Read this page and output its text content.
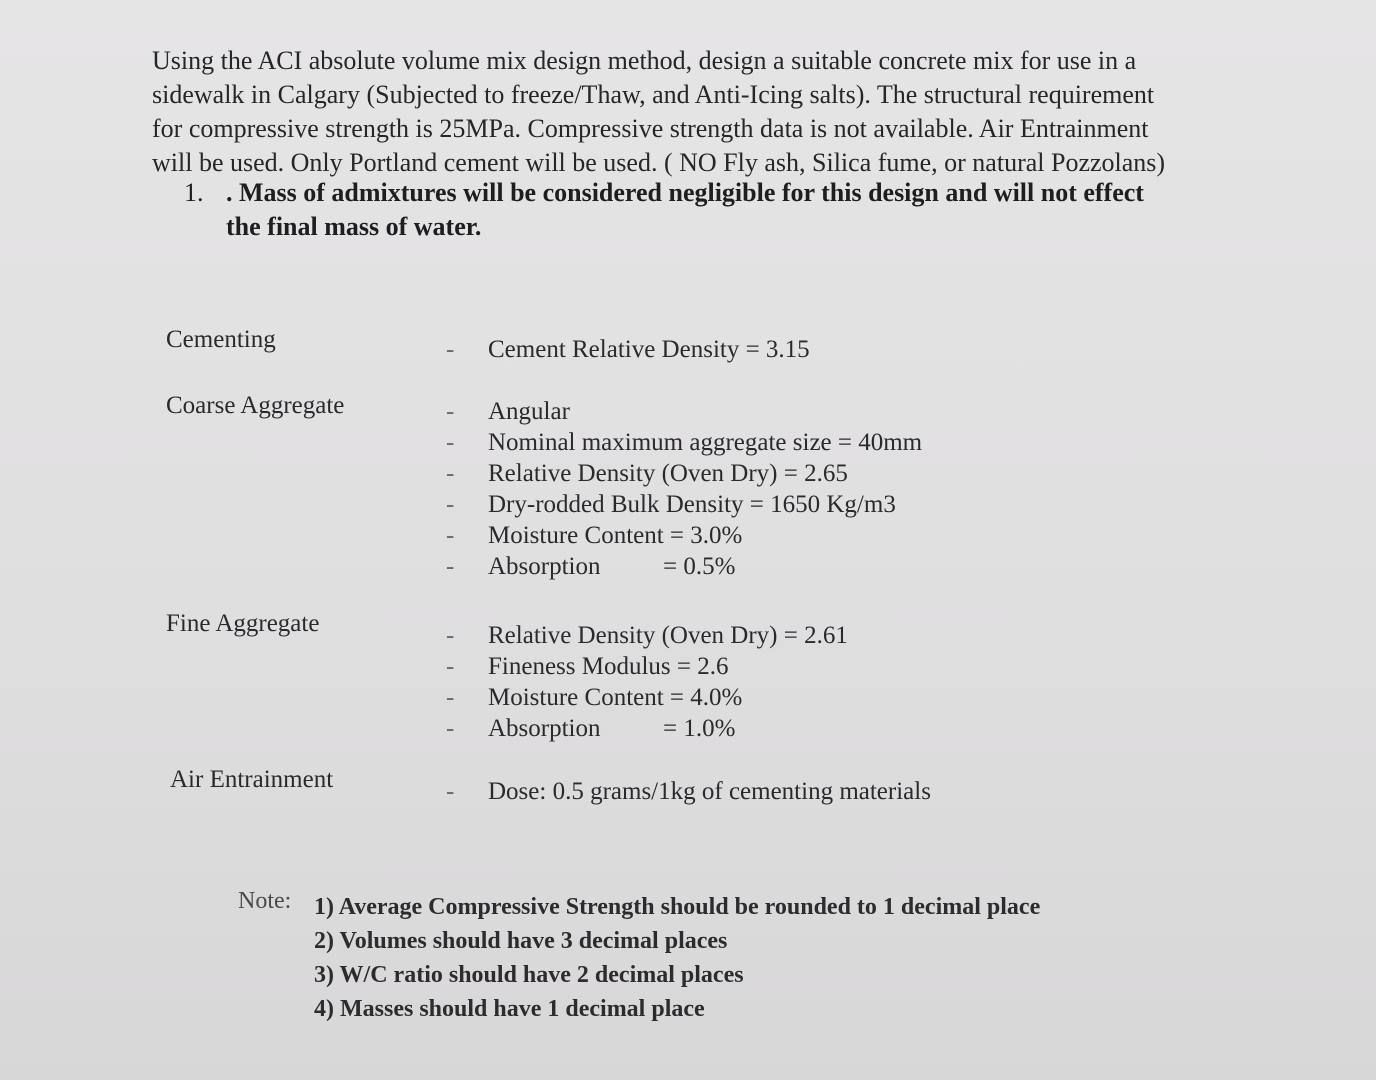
Using the ACI absolute volume mix design method, design a suitable concrete mix for use in a

sidewalk in Calgary (Subjected to freeze/Thaw, and Anti-Icing salts). The structural requirement

for compressive strength is 25MPa. Compressive strength data is not available. Air Entrainment

will be used. Only Portland cement will be used. ( NO Fly ash, Silica fume, or natural Pozzolans)

1. . Mass of admixtures will be considered negligible for this design and will not effect

the final mass of water.

Cementing	- Cement Relative Density = 3.15
Coarse Aggregate	- Angular
- Nominal maximum aggregate size = 40mm
- Relative Density (Oven Dry) = 2.65
- Dry-rodded Bulk Density = 1650 Kg/m3
- Moisture Content = 3.0%
- Absorption          = 0.5%
Fine Aggregate	- Relative Density (Oven Dry) = 2.61
- Fineness Modulus = 2.6
- Moisture Content = 4.0%
- Absorption          = 1.0%
Air Entrainment	- Dose: 0.5 grams/1kg of cementing materials
Note: 1) Average Compressive Strength should be rounded to 1 decimal place
2) Volumes should have 3 decimal places
3) W/C ratio should have 2 decimal places
4) Masses should have 1 decimal place
